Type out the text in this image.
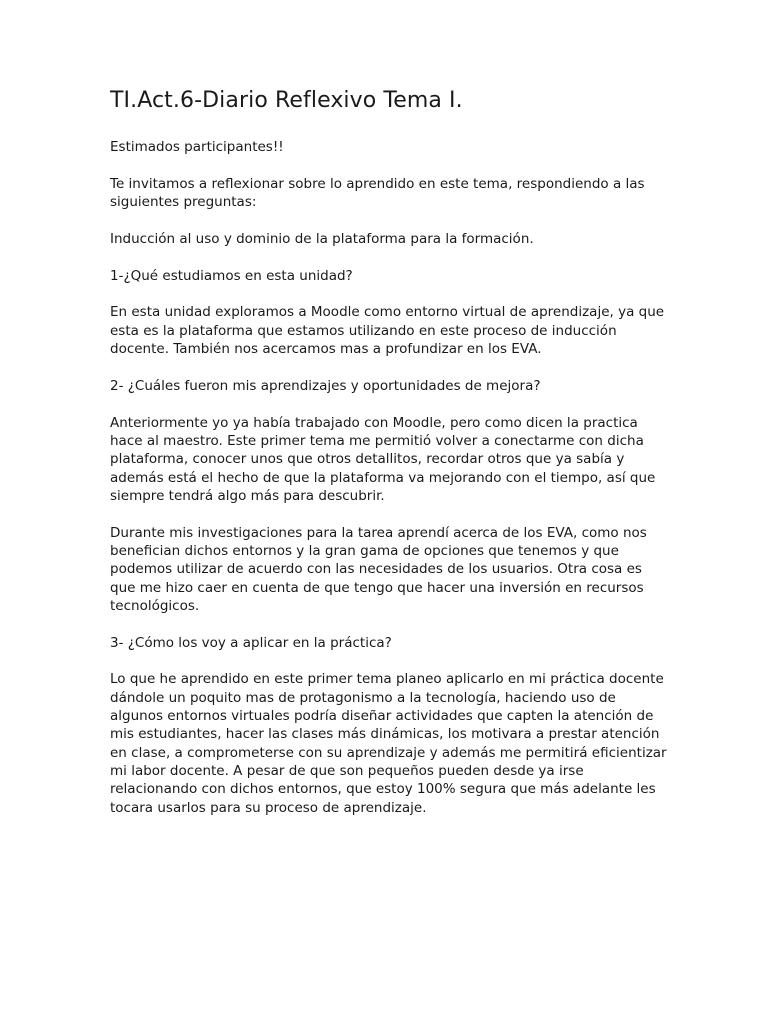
TI.Act.6-Diario Reflexivo Tema I.

Estimados participantes!!

Te invitamos a reflexionar sobre lo aprendido en este tema, respondiendo a las siguientes preguntas:

Inducción al uso y dominio de la plataforma para la formación.

1-¿Qué estudiamos en esta unidad?

En esta unidad exploramos a Moodle como entorno virtual de aprendizaje, ya que esta es la plataforma que estamos utilizando en este proceso de inducción docente. También nos acercamos mas a profundizar en los EVA.

2- ¿Cuáles fueron mis aprendizajes y oportunidades de mejora?

Anteriormente yo ya había trabajado con Moodle, pero como dicen la practica hace al maestro. Este primer tema me permitió volver a conectarme con dicha plataforma, conocer unos que otros detallitos, recordar otros que ya sabía y además está el hecho de que la plataforma va mejorando con el tiempo, así que siempre tendrá algo más para descubrir.

Durante mis investigaciones para la tarea aprendí acerca de los EVA, como nos benefician dichos entornos y la gran gama de opciones que tenemos y que podemos utilizar de acuerdo con las necesidades de los usuarios. Otra cosa es que me hizo caer en cuenta de que tengo que hacer una inversión en recursos tecnológicos.

3- ¿Cómo los voy a aplicar en la práctica?

Lo que he aprendido en este primer tema planeo aplicarlo en mi práctica docente dándole un poquito mas de protagonismo a la tecnología, haciendo uso de algunos entornos virtuales podría diseñar actividades que capten la atención de mis estudiantes, hacer las clases más dinámicas, los motivara a prestar atención en clase, a comprometerse con su aprendizaje y además me permitirá eficientizar mi labor docente. A pesar de que son pequeños pueden desde ya irse relacionando con dichos entornos, que estoy 100% segura que más adelante les tocara usarlos para su proceso de aprendizaje.
